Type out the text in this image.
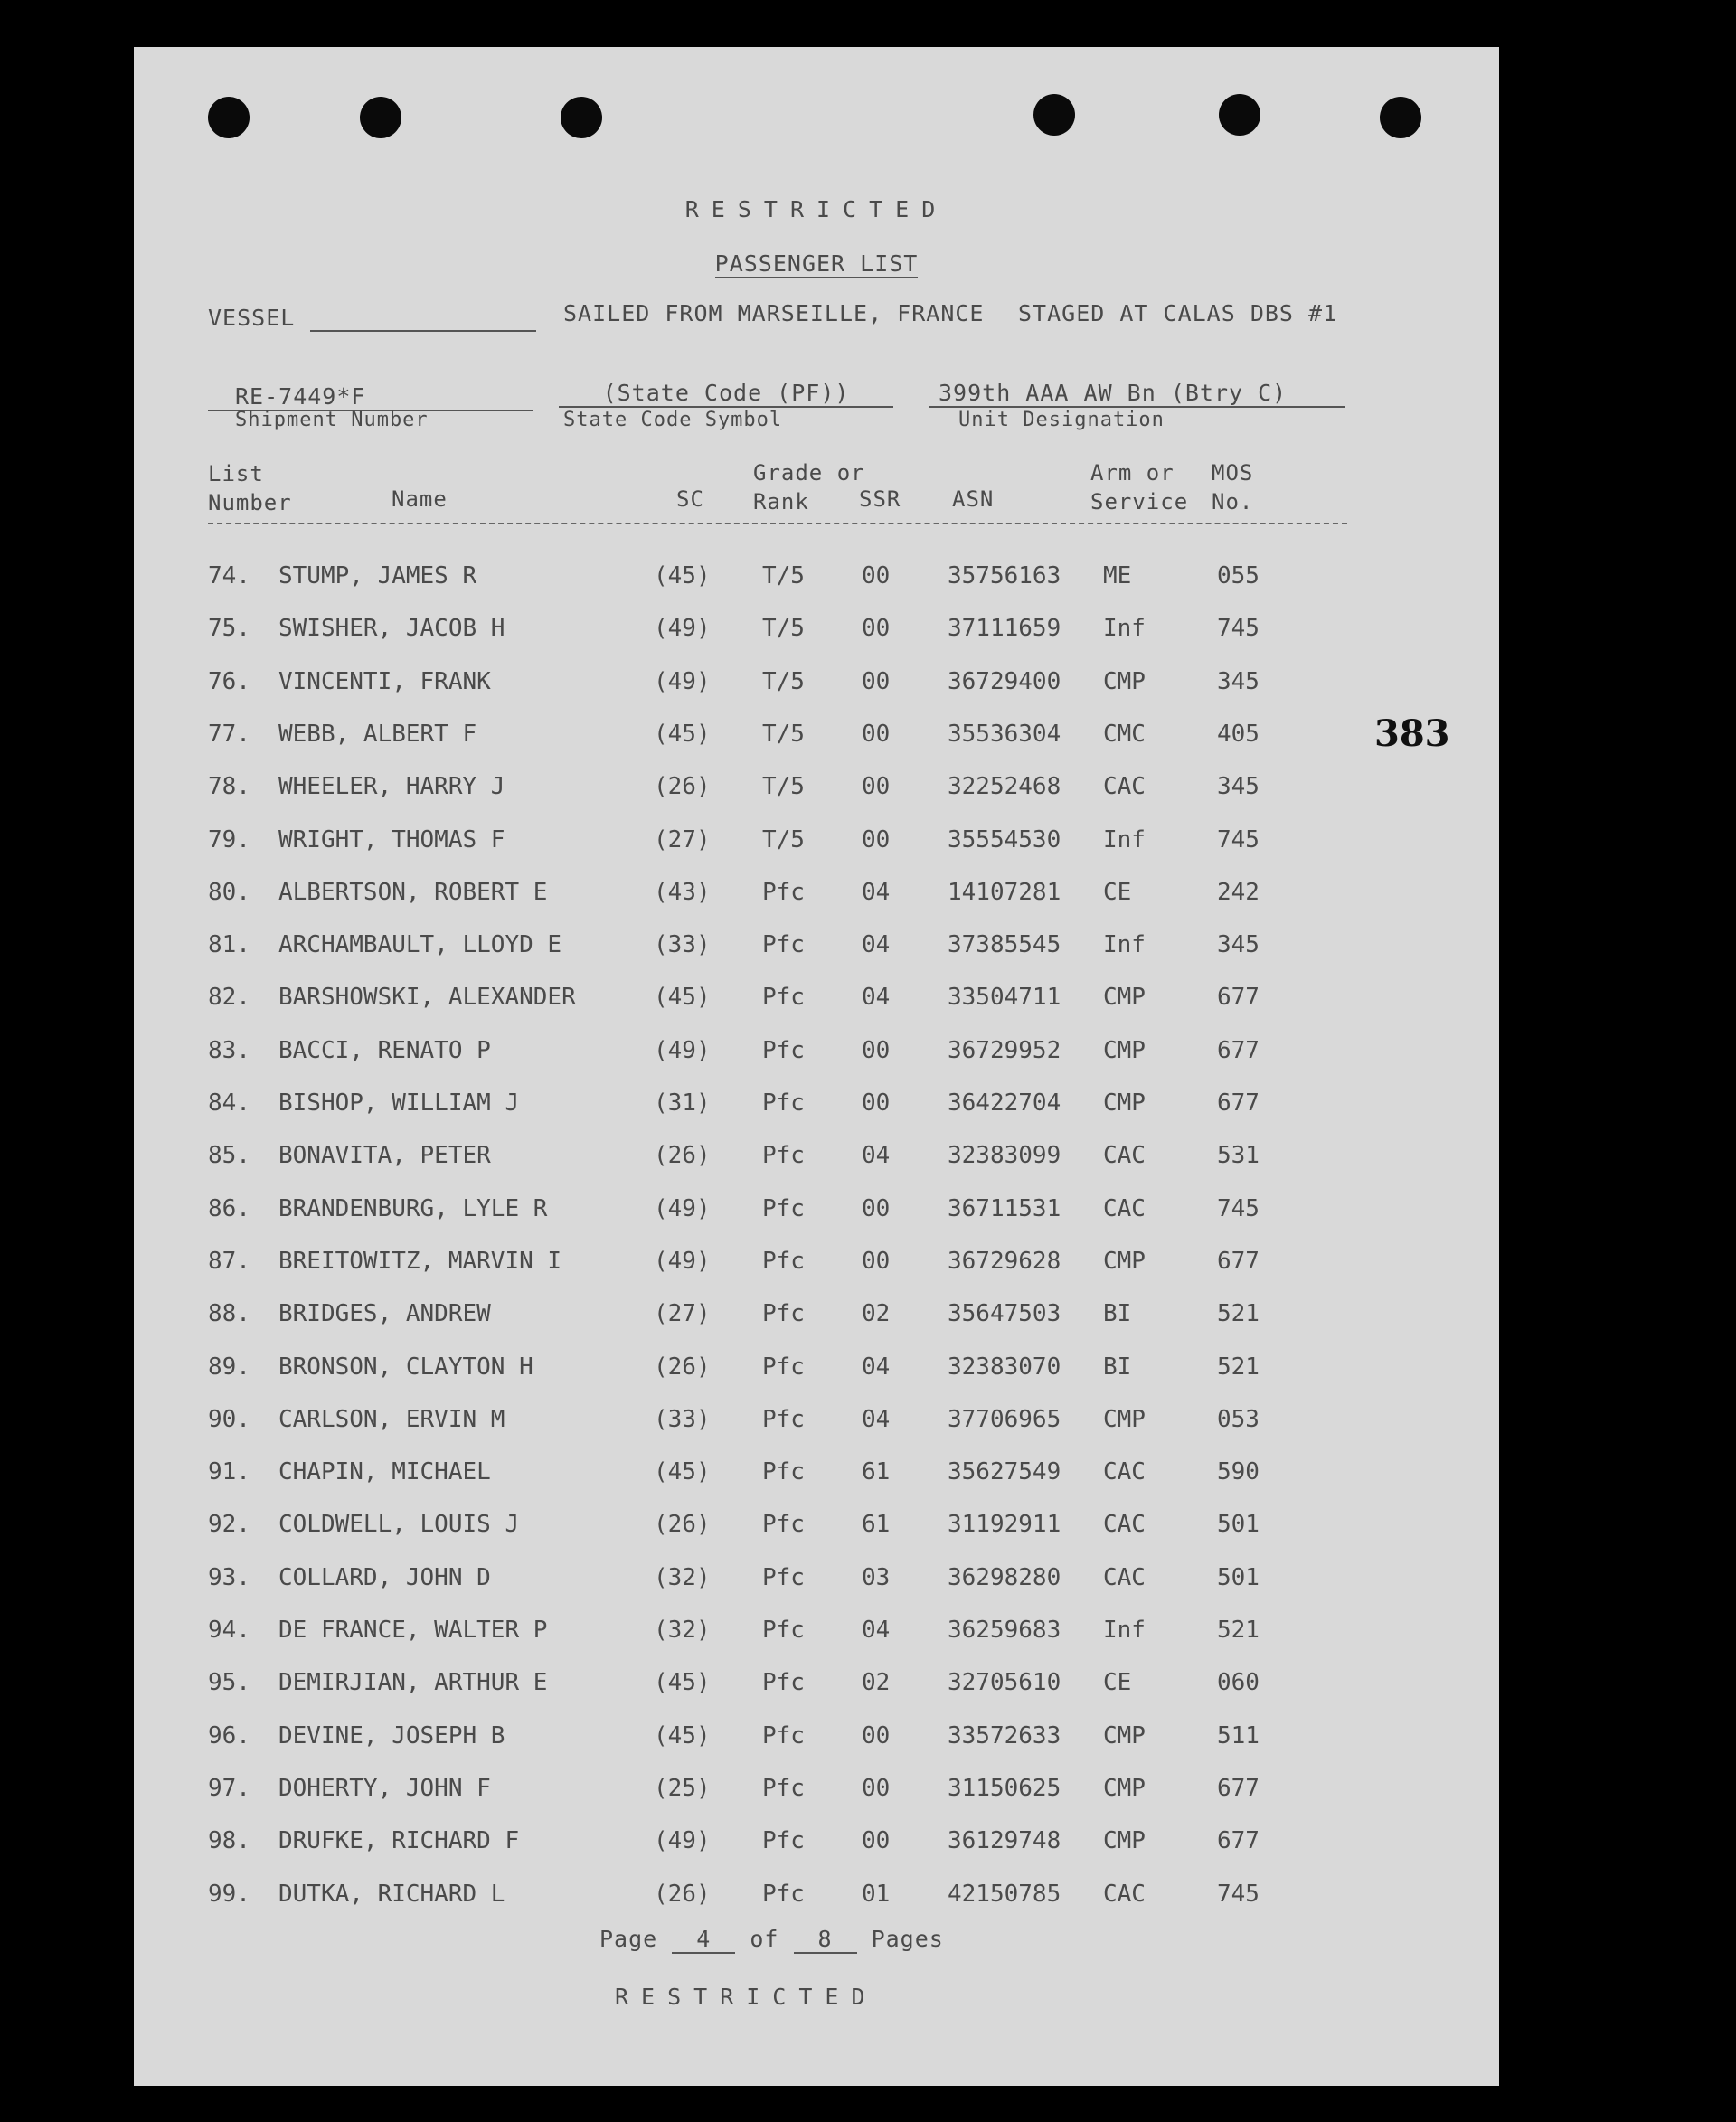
RESTRICTED
PASSENGER LIST
VESSEL	SAILED FROM MARSEILLE, FRANCE STAGED AT CALAS DBS #1
RE-7449*F	(State Code (PF))	399th AAA AW Bn (Btry C)
Shipment Number	State Code Symbol	Unit Designation
List Number	Name	SC
Grade or Rank	SSR ASN
Arm or Service
MOS No.
74. STUMP, JAMES R	(45) T/5 00 35756163 ME	055
75. SWISHER, JACOB H	(49) T/5 00 37111659 Inf	745
76. VINCENTI, FRANK	(49) T/5 00 36729400 CMP	345
77. WEBB, ALBERT F	(45) T/5 00 35536304 CMC	405
78. WHEELER, HARRY J	(26) T/5 00 32252468 CAC	345
79. WRIGHT, THOMAS F	(27) T/5 00 35554530 Inf	745
80. ALBERTSON, ROBERT E	(43) Pfc 04 14107281 CE	242
81. ARCHAMBAULT, LLOYD E	(33) Pfc 04 37385545 Inf	345
82. BARSHOWSKI, ALEXANDER	(45) Pfc 04 33504711 CMP	677
83. BACCI, RENATO P	(49) Pfc 00 36729952 CMP	677
84. BISHOP, WILLIAM J	(31) Pfc 00 36422704 CMP	677
85. BONAVITA, PETER	(26) Pfc 04 32383099 CAC	531
86. BRANDENBURG, LYLE R	(49) Pfc 00 36711531 CAC	745
87. BREITOWITZ, MARVIN I	(49) Pfc 00 36729628 CMP	677
88. BRIDGES, ANDREW	(27) Pfc 02 35647503 BI	521
89. BRONSON, CLAYTON H	(26) Pfc 04 32383070 BI	521
90. CARLSON, ERVIN M	(33) Pfc 04 37706965 CMP	053
91. CHAPIN, MICHAEL	(45) Pfc 61 35627549 CAC	590
92. COLDWELL, LOUIS J	(26) Pfc 61 31192911 CAC	501
93. COLLARD, JOHN D	(32) Pfc 03 36298280 CAC	501
94. DE FRANCE, WALTER P	(32) Pfc 04 36259683 Inf	521
95. DEMIRJIAN, ARTHUR E	(45) Pfc 02 32705610 CE	060
96. DEVINE, JOSEPH B	(45) Pfc 00 33572633 CMP	511
97. DOHERTY, JOHN F	(25) Pfc 00 31150625 CMP	677
98. DRUFKE, RICHARD F	(49) Pfc 00 36129748 CMP	677
99. DUTKA, RICHARD L	(26) Pfc 01 42150785 CAC	745
Page 4 of 8 Pages
RESTRICTED
383
